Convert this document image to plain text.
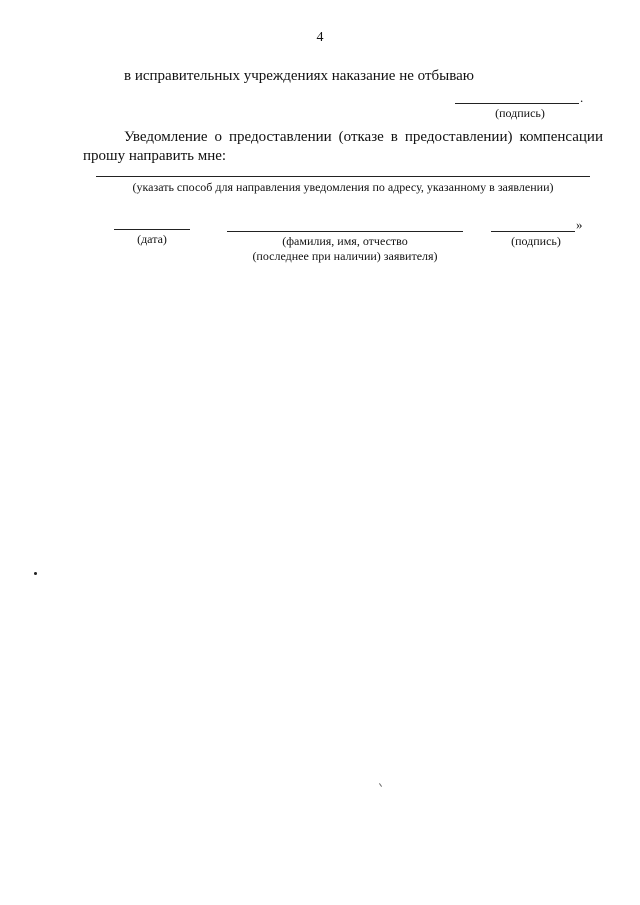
4
в исправительных учреждениях наказание не отбываю
.
(подпись)
Уведомление о предоставлении (отказе в предоставлении) компенсации
прошу направить мне:
(указать способ для направления уведомления по адресу, указанному в заявлении)
(дата)	(фамилия, имя, отчество
(последнее при наличии) заявителя)
»
(подпись)
